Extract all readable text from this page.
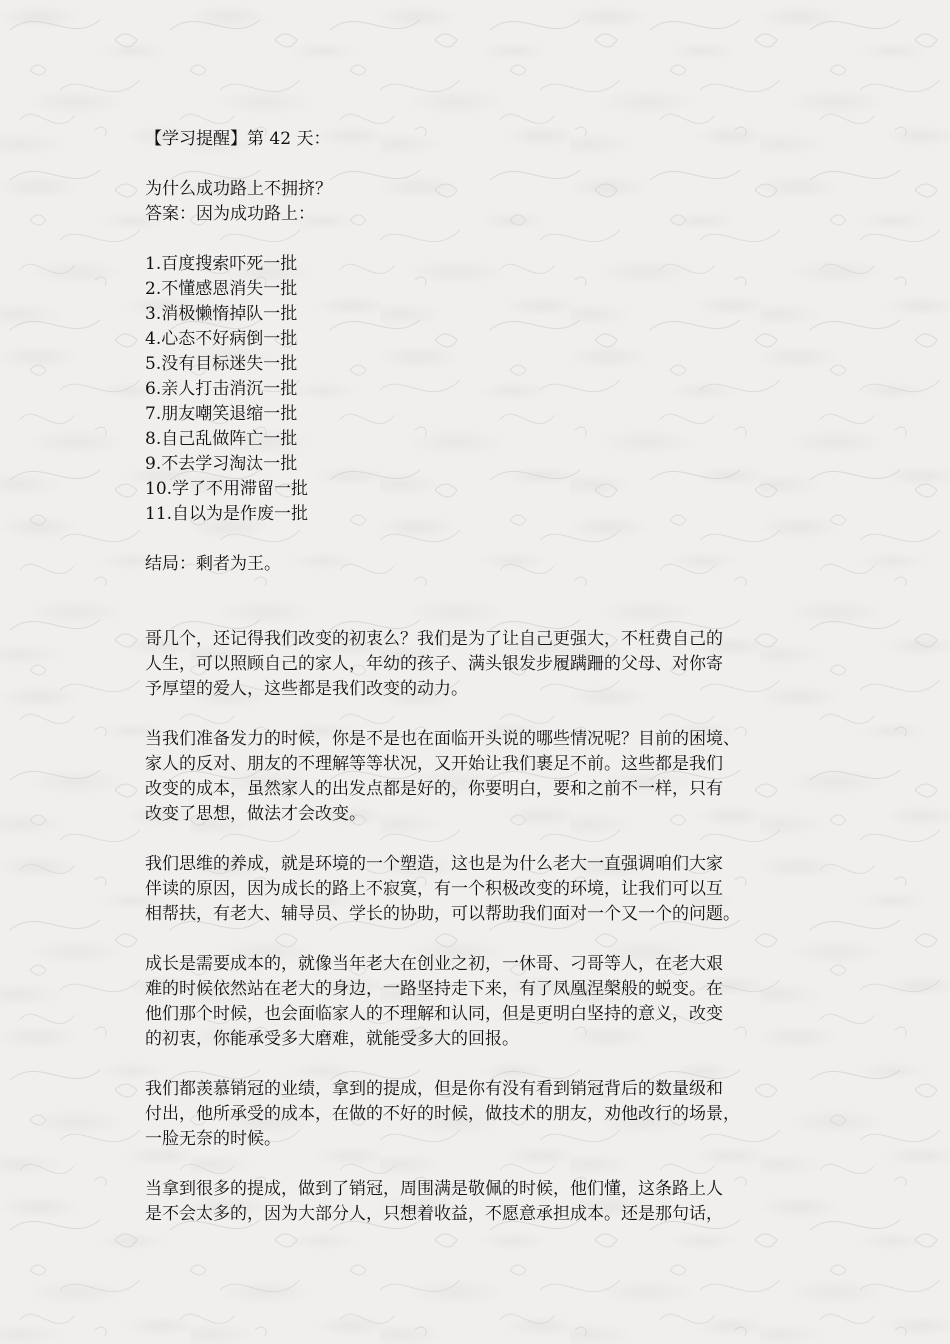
【学习提醒】第 42 天：
为什么成功路上不拥挤？
答案：因为成功路上：
1.百度搜索吓死一批
2.不懂感恩消失一批
3.消极懒惰掉队一批
4.心态不好病倒一批
5.没有目标迷失一批
6.亲人打击消沉一批
7.朋友嘲笑退缩一批
8.自己乱做阵亡一批
9.不去学习淘汰一批
10.学了不用滞留一批
11.自以为是作废一批
结局：剩者为王。
哥几个，还记得我们改变的初衷么？我们是为了让自己更强大，不枉费自己的
人生，可以照顾自己的家人，年幼的孩子、满头银发步履蹒跚的父母、对你寄
予厚望的爱人，这些都是我们改变的动力。
当我们准备发力的时候，你是不是也在面临开头说的哪些情况呢？目前的困境、
家人的反对、朋友的不理解等等状况，又开始让我们裹足不前。这些都是我们
改变的成本，虽然家人的出发点都是好的，你要明白，要和之前不一样，只有
改变了思想，做法才会改变。
我们思维的养成，就是环境的一个塑造，这也是为什么老大一直强调咱们大家
伴读的原因，因为成长的路上不寂寞，有一个积极改变的环境，让我们可以互
相帮扶，有老大、辅导员、学长的协助，可以帮助我们面对一个又一个的问题。
成长是需要成本的，就像当年老大在创业之初，一休哥、刁哥等人，在老大艰
难的时候依然站在老大的身边，一路坚持走下来，有了凤凰涅槃般的蜕变。在
他们那个时候，也会面临家人的不理解和认同，但是更明白坚持的意义，改变
的初衷，你能承受多大磨难，就能受多大的回报。
我们都羡慕销冠的业绩，拿到的提成，但是你有没有看到销冠背后的数量级和
付出，他所承受的成本，在做的不好的时候，做技术的朋友，劝他改行的场景，
一脸无奈的时候。
当拿到很多的提成，做到了销冠，周围满是敬佩的时候，他们懂，这条路上人
是不会太多的，因为大部分人，只想着收益，不愿意承担成本。还是那句话，
